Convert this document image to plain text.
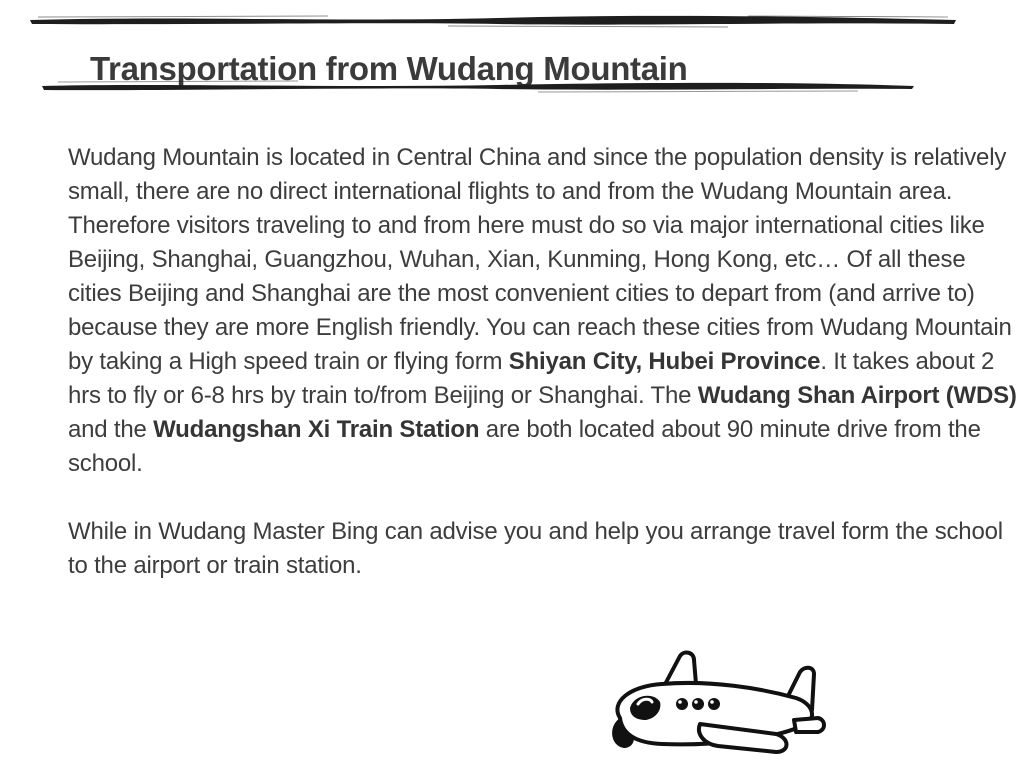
Transportation from Wudang Mountain

Wudang Mountain is located in Central China and since the population density is relatively small, there are no direct international flights to and from the Wudang Mountain area. Therefore visitors traveling to and from here must do so via major international cities like Beijing, Shanghai, Guangzhou, Wuhan, Xian, Kunming, Hong Kong, etc… Of all these cities Beijing and Shanghai are the most convenient cities to depart from (and arrive to) because they are more English friendly. You can reach these cities from Wudang Mountain by taking a High speed train or flying form Shiyan City, Hubei Province. It takes about 2 hrs to fly or 6-8 hrs by train to/from Beijing or Shanghai. The Wudang Shan Airport (WDS) and the Wudangshan Xi Train Station are both located about 90 minute drive from the school.

While in Wudang Master Bing can advise you and help you arrange travel form the school to the airport or train station.
